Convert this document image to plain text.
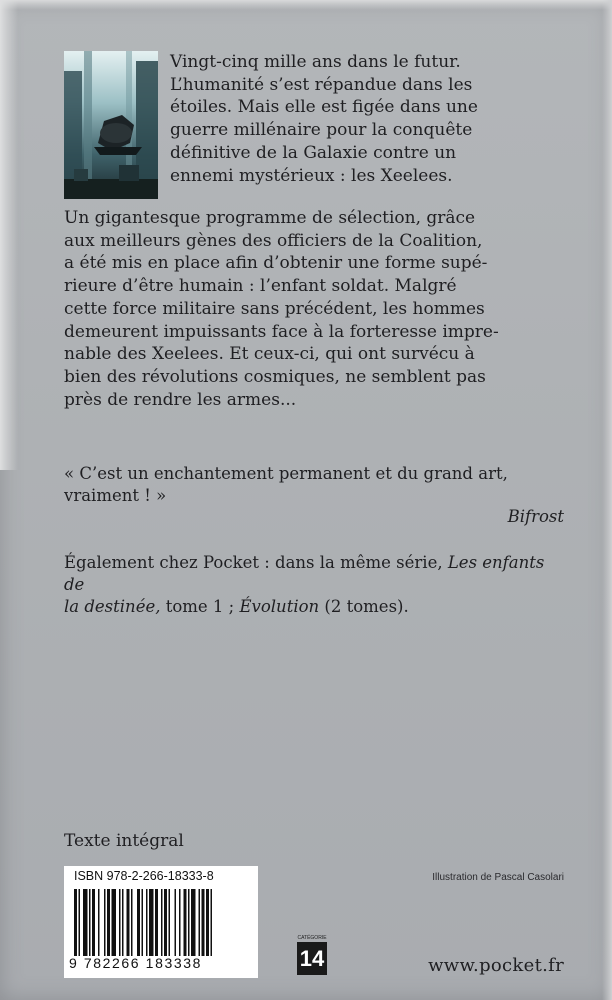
Vingt-cinq mille ans dans le futur.
L’humanité s’est répandue dans les
étoiles. Mais elle est figée dans une
guerre millénaire pour la conquête
définitive de la Galaxie contre un
ennemi mystérieux : les Xeelees.

Un gigantesque programme de sélection, grâce
aux meilleurs gènes des officiers de la Coalition,
a été mis en place afin d’obtenir une forme supé-
rieure d’être humain : l’enfant soldat. Malgré
cette force militaire sans précédent, les hommes
demeurent impuissants face à la forteresse impre-
nable des Xeelees. Et ceux-ci, qui ont survécu à
bien des révolutions cosmiques, ne semblent pas
près de rendre les armes...

« C’est un enchantement permanent et du grand art,
vraiment ! »
Bifrost
Également chez Pocket : dans la même série, Les enfants de
la destinée, tome 1 ; Évolution (2 tomes).
Texte intégral
ISBN 978-2-266-18333-8
9 782266 183338
Illustration de Pascal Casolari
CATÉGORIE
14	www.pocket.fr
